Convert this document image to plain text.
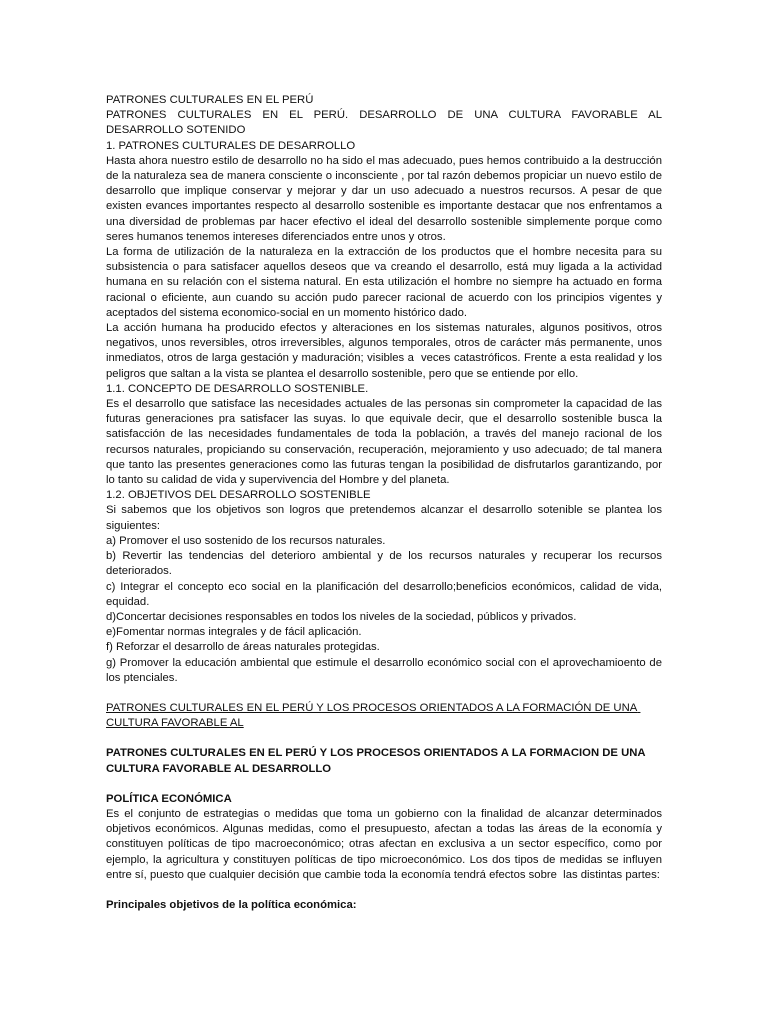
PATRONES CULTURALES EN EL PERÚ
PATRONES CULTURALES EN EL PERÚ. DESARROLLO DE UNA CULTURA FAVORABLE AL DESARROLLO SOTENIDO
1. PATRONES CULTURALES DE DESARROLLO
Hasta ahora nuestro estilo de desarrollo no ha sido el mas adecuado, pues hemos contribuido a la destrucción de la naturaleza sea de manera consciente o inconsciente , por tal razón debemos propiciar un nuevo estilo de desarrollo que implique conservar y mejorar y dar un uso adecuado a nuestros recursos. A pesar de que existen evances importantes respecto al desarrollo sostenible es importante destacar que nos enfrentamos a una diversidad de problemas par hacer efectivo el ideal del desarrollo sostenible simplemente porque como seres humanos tenemos intereses diferenciados entre unos y otros.
La forma de utilización de la naturaleza en la extracción de los productos que el hombre necesita para su subsistencia o para satisfacer aquellos deseos que va creando el desarrollo, está muy ligada a la actividad humana en su relación con el sistema natural. En esta utilización el hombre no siempre ha actuado en forma racional o eficiente, aun cuando su acción pudo parecer racional de acuerdo con los principios vigentes y aceptados del sistema economico-social en un momento histórico dado.
La acción humana ha producido efectos y alteraciones en los sistemas naturales, algunos positivos, otros negativos, unos reversibles, otros irreversibles, algunos temporales, otros de carácter más permanente, unos inmediatos, otros de larga gestación y maduración; visibles a  veces catastróficos. Frente a esta realidad y los peligros que saltan a la vista se plantea el desarrollo sostenible, pero que se entiende por ello.
1.1. CONCEPTO DE DESARROLLO SOSTENIBLE.
Es el desarrollo que satisface las necesidades actuales de las personas sin comprometer la capacidad de las futuras generaciones pra satisfacer las suyas. lo que equivale decir, que el desarrollo sostenible busca la satisfacción de las necesidades fundamentales de toda la población, a través del manejo racional de los recursos naturales, propiciando su conservación, recuperación, mejoramiento y uso adecuado; de tal manera que tanto las presentes generaciones como las futuras tengan la posibilidad de disfrutarlos garantizando, por lo tanto su calidad de vida y supervivencia del Hombre y del planeta.
1.2. OBJETIVOS DEL DESARROLLO SOSTENIBLE
Si sabemos que los objetivos son logros que pretendemos alcanzar el desarrollo sotenible se plantea los siguientes:
a) Promover el uso sostenido de los recursos naturales.
b) Revertir las tendencias del deterioro ambiental y de los recursos naturales y recuperar los recursos deteriorados.
c) Integrar el concepto eco social en la planificación del desarrollo;beneficios económicos, calidad de vida, equidad.
d)Concertar decisiones responsables en todos los niveles de la sociedad, públicos y privados.
e)Fomentar normas integrales y de fácil aplicación.
f) Reforzar el desarrollo de áreas naturales protegidas.
g) Promover la educación ambiental que estimule el desarrollo económico social con el aprovechamioento de los ptenciales.
PATRONES CULTURALES EN EL PERÚ Y LOS PROCESOS ORIENTADOS A LA FORMACIÓN DE UNA CULTURA FAVORABLE AL
PATRONES CULTURALES EN EL PERÚ Y LOS PROCESOS ORIENTADOS A LA FORMACION DE UNA CULTURA FAVORABLE AL DESARROLLO
POLÍTICA ECONÓMICA
Es el conjunto de estrategias o medidas que toma un gobierno con la finalidad de alcanzar determinados objetivos económicos. Algunas medidas, como el presupuesto, afectan a todas las áreas de la economía y constituyen políticas de tipo macroeconómico; otras afectan en exclusiva a un sector específico, como por ejemplo, la agricultura y constituyen políticas de tipo microeconómico. Los dos tipos de medidas se influyen entre sí, puesto que cualquier decisión que cambie toda la economía tendrá efectos sobre  las distintas partes:
Principales objetivos de la política económica:
